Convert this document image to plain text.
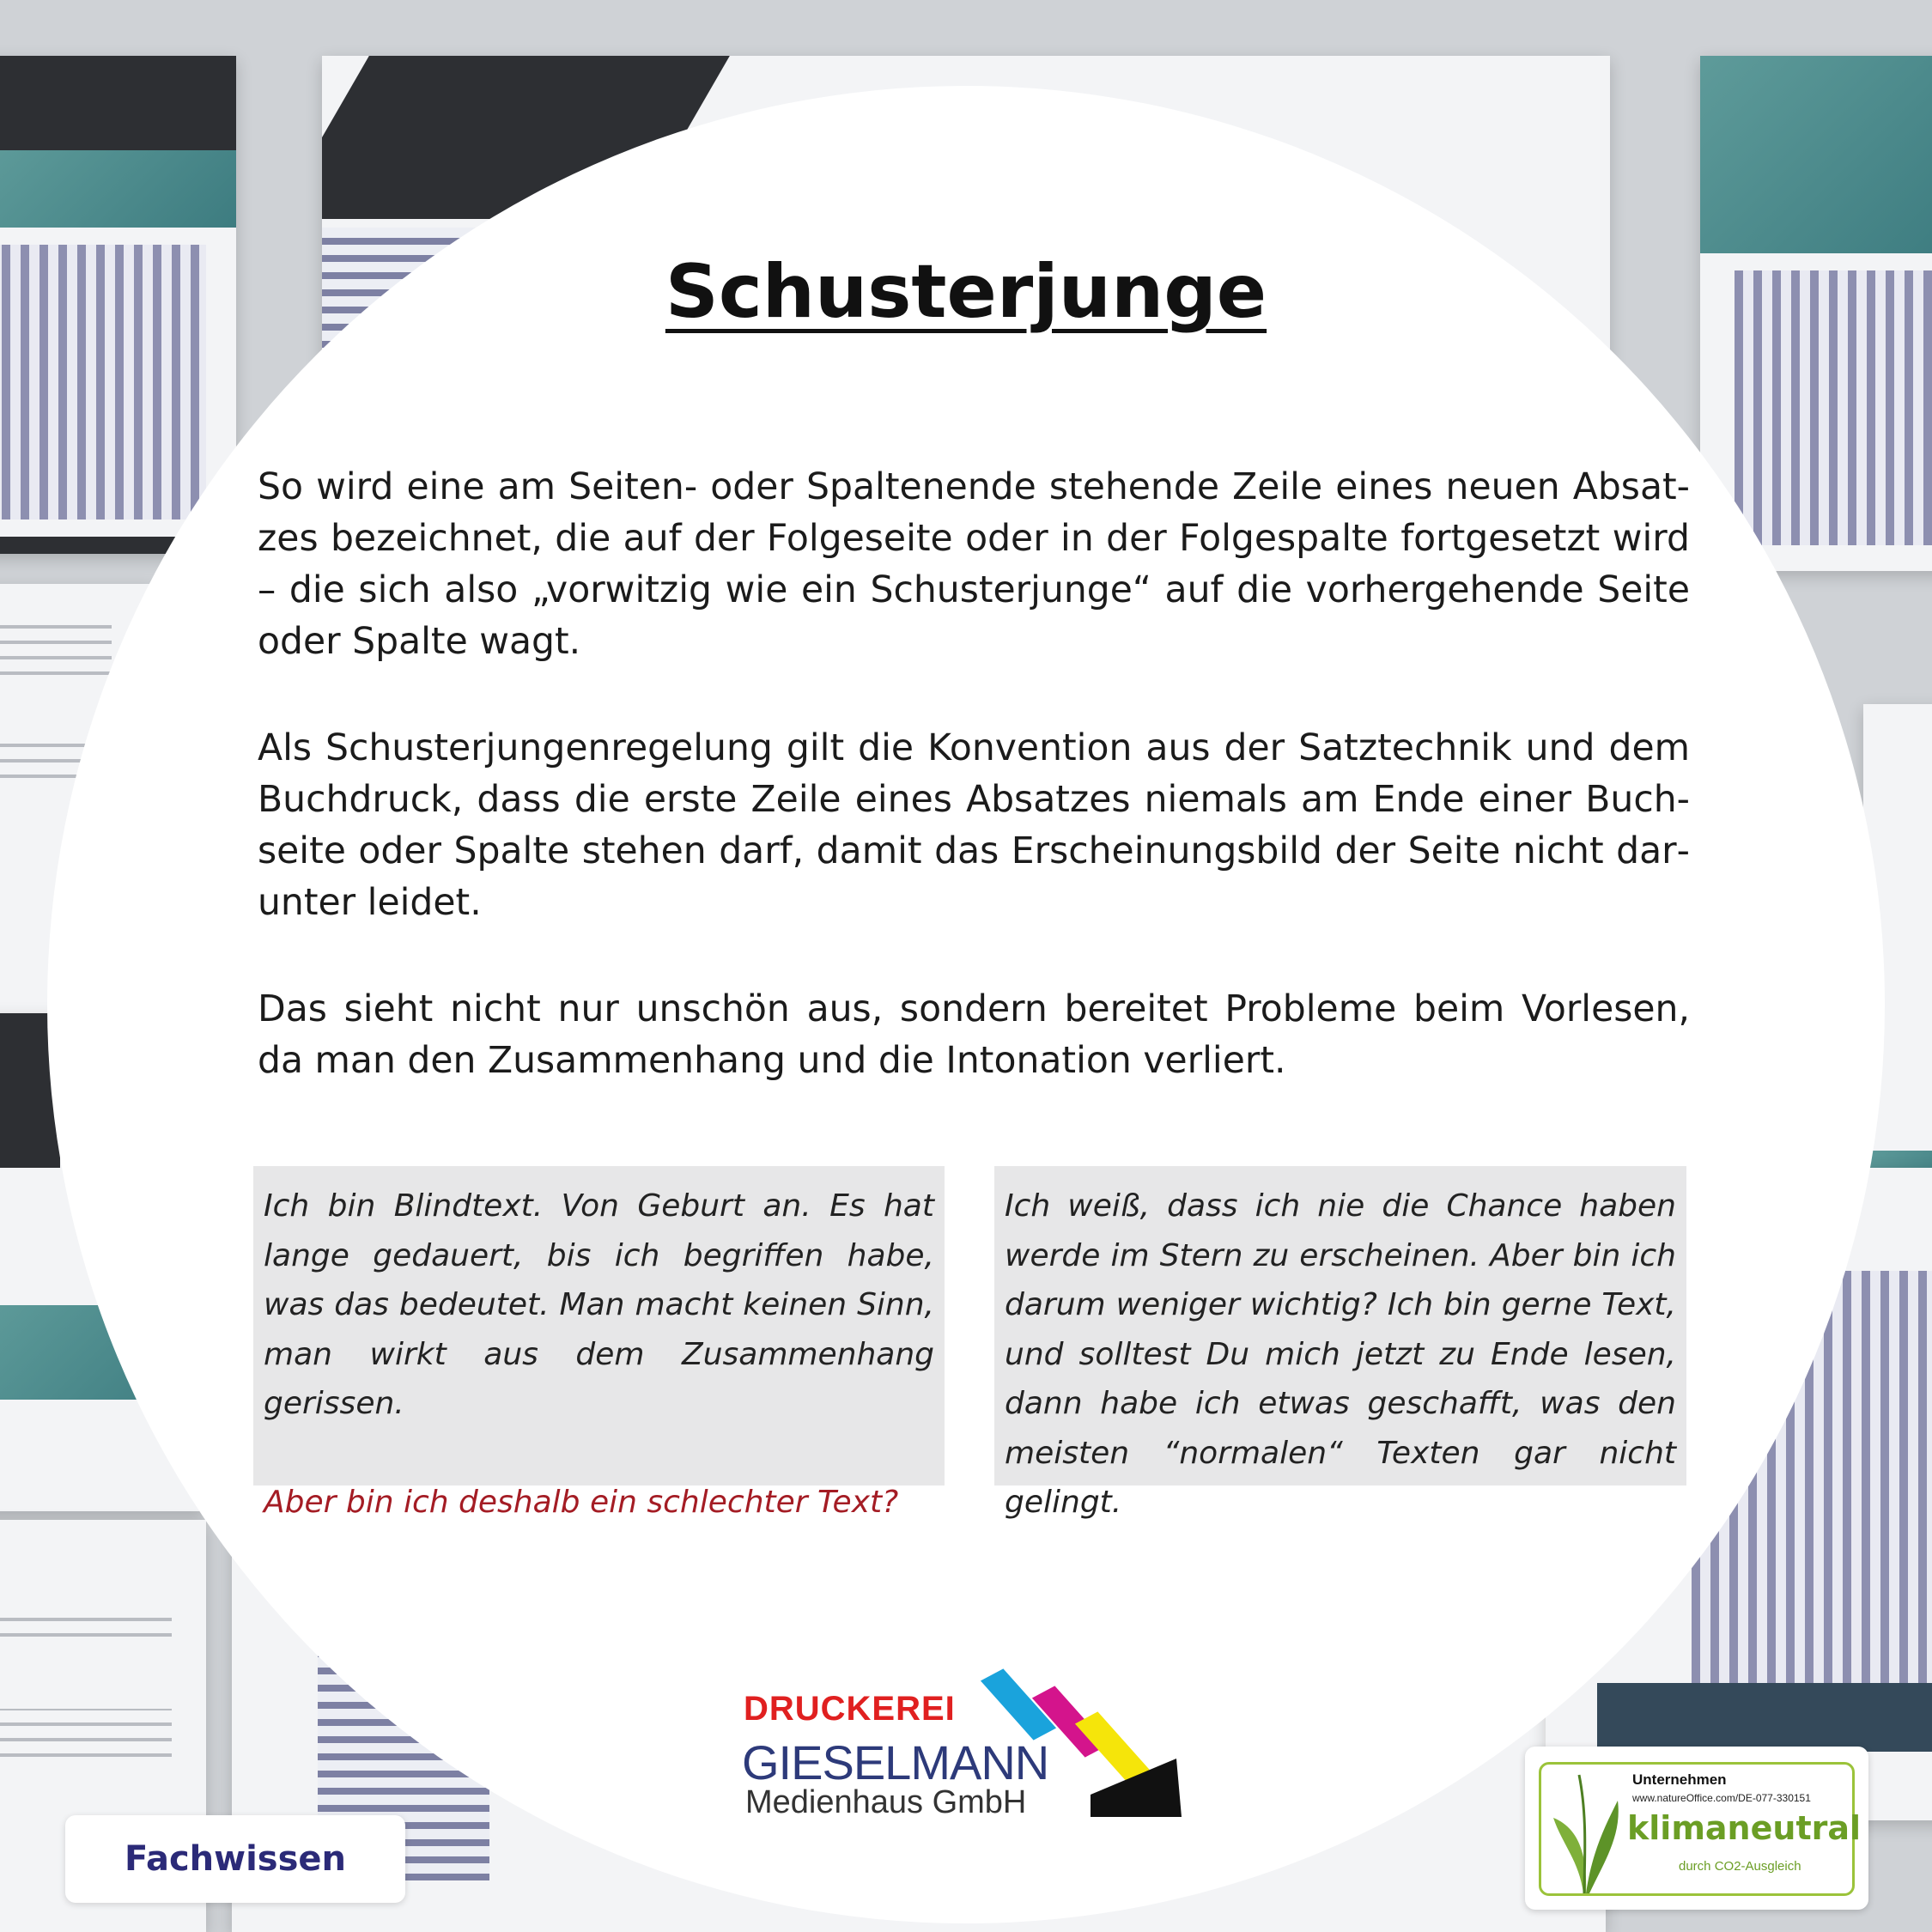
Schusterjunge

So wird eine am Seiten- oder Spaltenende stehende Zeile eines neuen Absatzes bezeichnet, die auf der Folgeseite oder in der Folgespalte fortgesetzt wird – die sich also „vorwitzig wie ein Schusterjunge“ auf die vorhergehende Seite oder Spalte wagt.

Als Schusterjungenregelung gilt die Konvention aus der Satztechnik und dem Buchdruck, dass die erste Zeile eines Absatzes niemals am Ende einer Buchseite oder Spalte stehen darf, damit das Erscheinungsbild der Seite nicht darunter leidet.

Das sieht nicht nur unschön aus, sondern bereitet Probleme beim Vorlesen, da man den Zusammenhang und die Intonation verliert.

Ich bin Blindtext. Von Geburt an. Es hat lange gedauert, bis ich begriffen habe, was das bedeutet. Man macht keinen Sinn, man wirkt aus dem Zusammenhang gerissen.

Aber bin ich deshalb ein schlechter Text?

Ich weiß, dass ich nie die Chance haben werde im Stern zu erscheinen. Aber bin ich darum weniger wichtig? Ich bin gerne Text, und solltest Du mich jetzt zu Ende lesen, dann habe ich etwas geschafft, was den meisten “normalen“ Texten gar nicht gelingt.

DRUCKEREI
GIESELMANN
Medienhaus GmbH
Fachwissen
Unternehmen
www.natureOffice.com/DE-077-330151
klimaneutral
durch CO2-Ausgleich
